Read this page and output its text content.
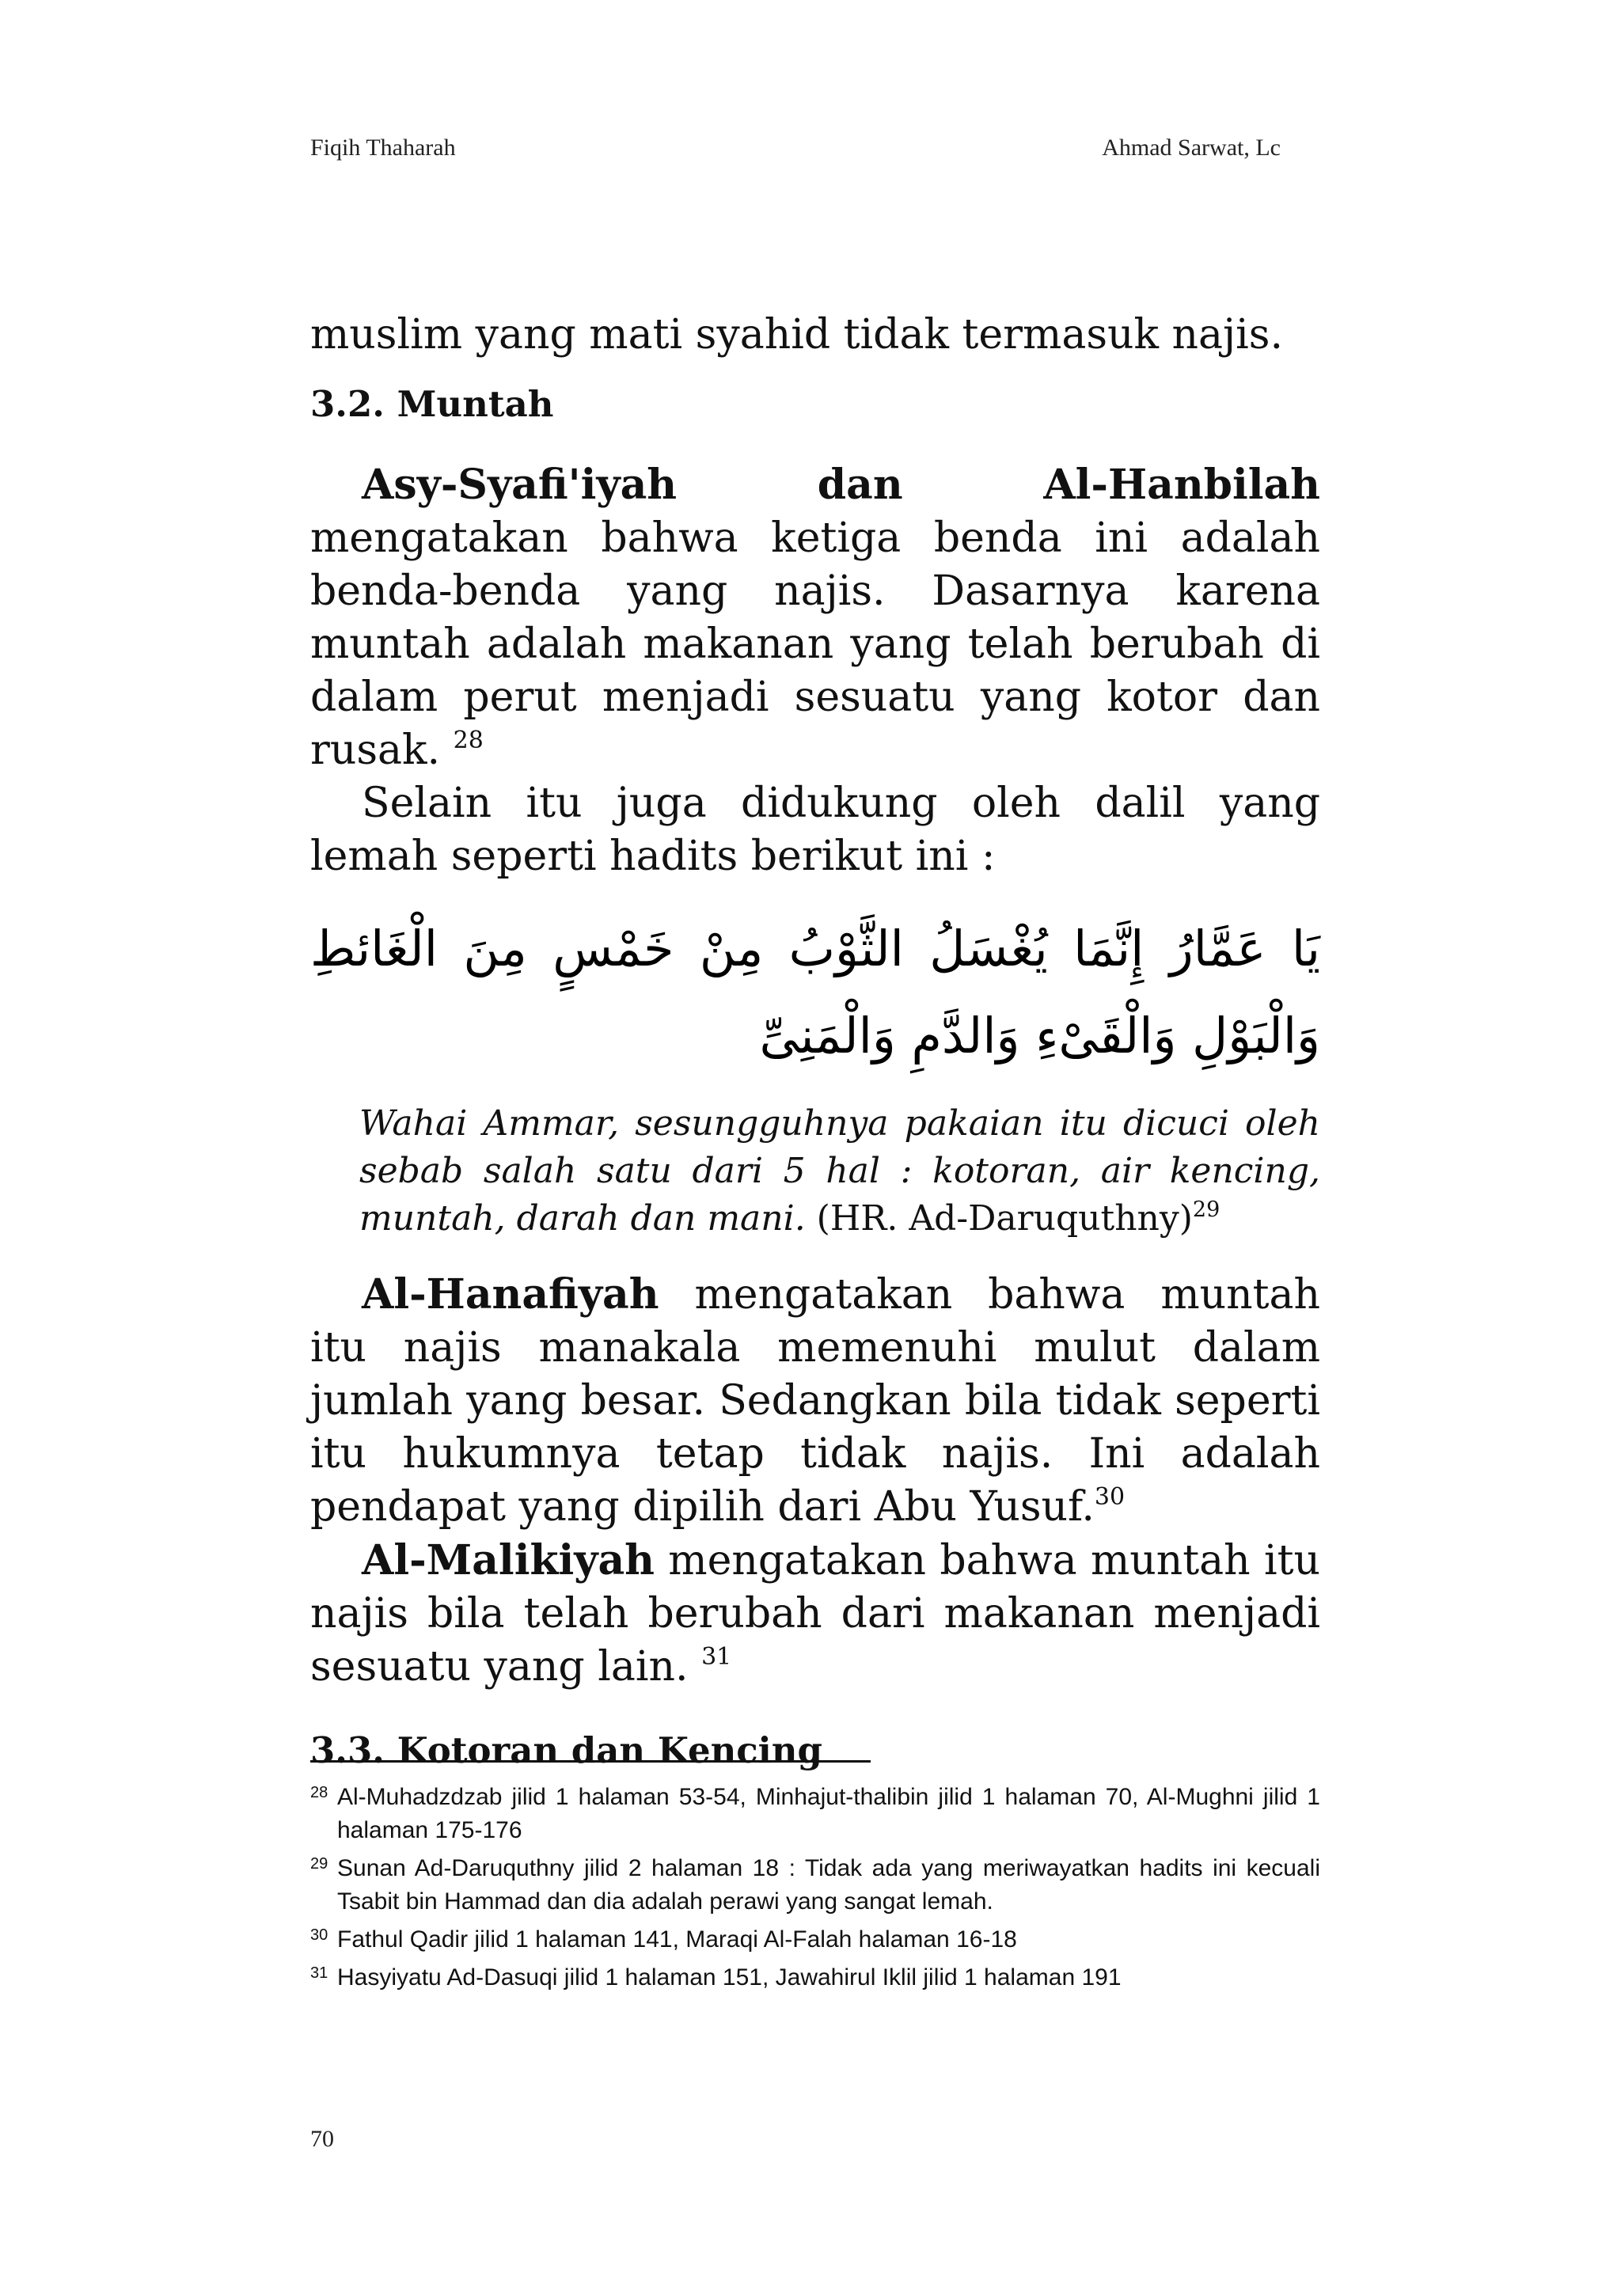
Fiqih Thaharah	Ahmad Sarwat, Lc

muslim yang mati syahid tidak termasuk najis.

3.2. Muntah

Asy-Syafi'iyah dan Al-Hanbilah mengatakan bahwa ketiga benda ini adalah benda-benda yang najis. Dasarnya karena muntah adalah makanan yang telah berubah di dalam perut menjadi sesuatu yang kotor dan rusak. $^{28}$

Selain itu juga didukung oleh dalil yang lemah seperti hadits berikut ini :

يَا عَمَّارُ إِنَّمَا يُغْسَلُ الثَّوْبُ مِنْ خَمْسٍ مِنَ الْغَائطِ وَالْبَوْلِ وَالْقَىْءِ وَالدَّمِ وَالْمَنِىِّ
Wahai Ammar, sesungguhnya pakaian itu dicuci oleh sebab salah satu dari 5 hal : kotoran, air kencing, muntah, darah dan mani. (HR. Ad-Daruquthny)$^{29}$

Al-Hanafiyah mengatakan bahwa muntah itu najis manakala memenuhi mulut dalam jumlah yang besar. Sedangkan bila tidak seperti itu hukumnya tetap tidak najis. Ini adalah pendapat yang dipilih dari Abu Yusuf.$^{30}$

Al-Malikiyah mengatakan bahwa muntah itu najis bila telah berubah dari makanan menjadi sesuatu yang lain. $^{31}$

3.3. Kotoran dan Kencing
28 Al-Muhadzdzab jilid 1 halaman 53-54, Minhajut-thalibin jilid 1 halaman 70, Al-Mughni jilid 1 halaman 175-176
29 Sunan Ad-Daruquthny jilid 2 halaman 18 : Tidak ada yang meriwayatkan hadits ini kecuali Tsabit bin Hammad dan dia adalah perawi yang sangat lemah.
30 Fathul Qadir jilid 1 halaman 141, Maraqi Al-Falah halaman 16-18
31 Hasyiyatu Ad-Dasuqi jilid 1 halaman 151, Jawahirul Iklil jilid 1 halaman 191
70
